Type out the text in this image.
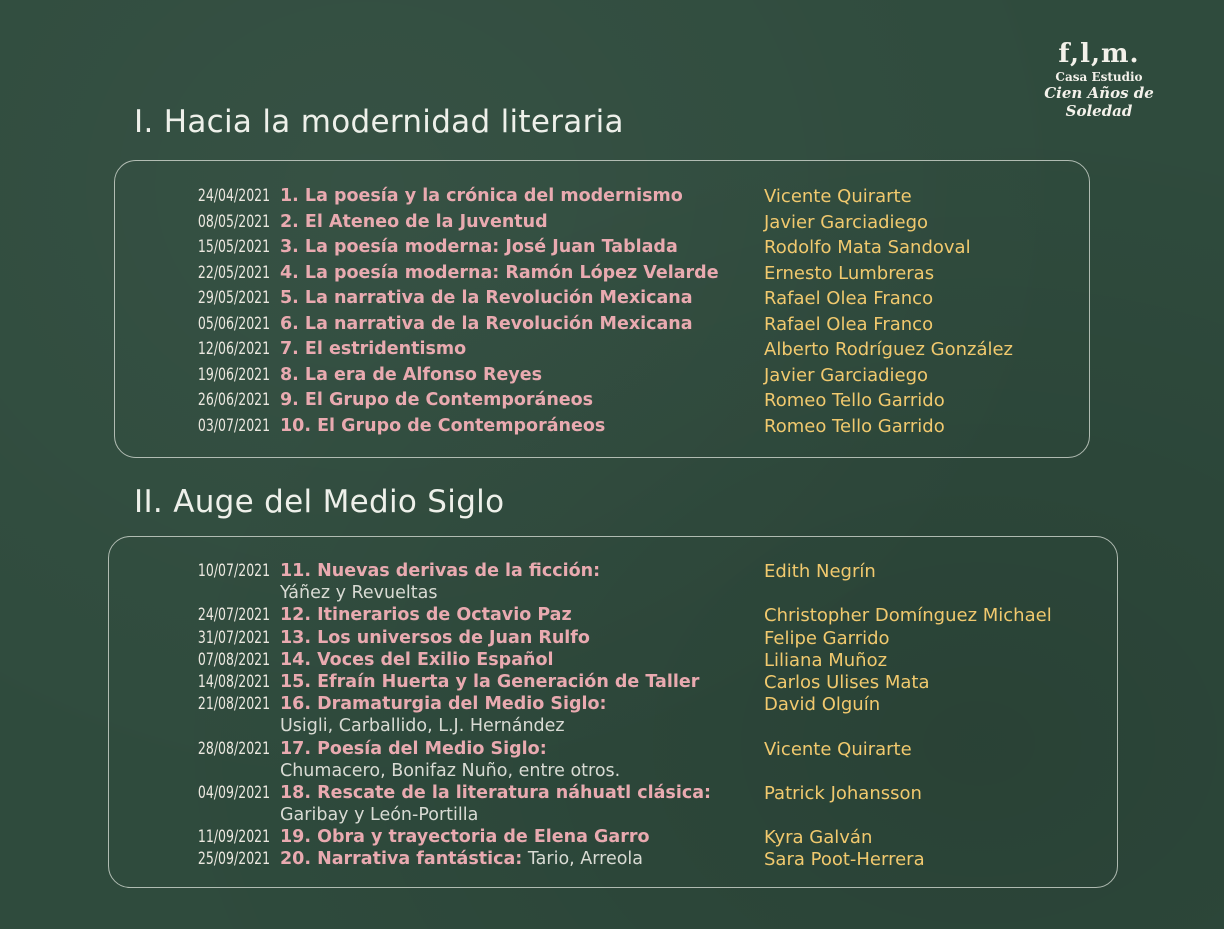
f,l,m.
Casa Estudio
Cien Años de Soledad
I. Hacia la modernidad literaria
24/04/2021 1. La poesía y la crónica del modernismo	Vicente Quirarte
08/05/2021 2. El Ateneo de la Juventud	Javier Garciadiego
15/05/2021 3. La poesía moderna: José Juan Tablada	Rodolfo Mata Sandoval
22/05/2021 4. La poesía moderna: Ramón López Velarde	Ernesto Lumbreras
29/05/2021 5. La narrativa de la Revolución Mexicana	Rafael Olea Franco
05/06/2021 6. La narrativa de la Revolución Mexicana	Rafael Olea Franco
12/06/2021 7. El estridentismo	Alberto Rodríguez González
19/06/2021 8. La era de Alfonso Reyes	Javier Garciadiego
26/06/2021 9. El Grupo de Contemporáneos	Romeo Tello Garrido
03/07/2021 10. El Grupo de Contemporáneos	Romeo Tello Garrido
II. Auge del Medio Siglo
10/07/2021 11. Nuevas derivas de la ficción:	Edith Negrín
Yáñez y Revueltas
24/07/2021 12. Itinerarios de Octavio Paz	Christopher Domínguez Michael
31/07/2021 13. Los universos de Juan Rulfo	Felipe Garrido
07/08/2021 14. Voces del Exilio Español	Liliana Muñoz
14/08/2021 15. Efraín Huerta y la Generación de Taller	Carlos Ulises Mata
21/08/2021 16. Dramaturgia del Medio Siglo:	David Olguín
Usigli, Carballido, L.J. Hernández
28/08/2021 17. Poesía del Medio Siglo:	Vicente Quirarte
Chumacero, Bonifaz Nuño, entre otros.
04/09/2021 18. Rescate de la literatura náhuatl clásica:	Patrick Johansson
Garibay y León-Portilla
11/09/2021 19. Obra y trayectoria de Elena Garro	Kyra Galván
25/09/2021 20. Narrativa fantástica: Tario, Arreola	Sara Poot-Herrera
